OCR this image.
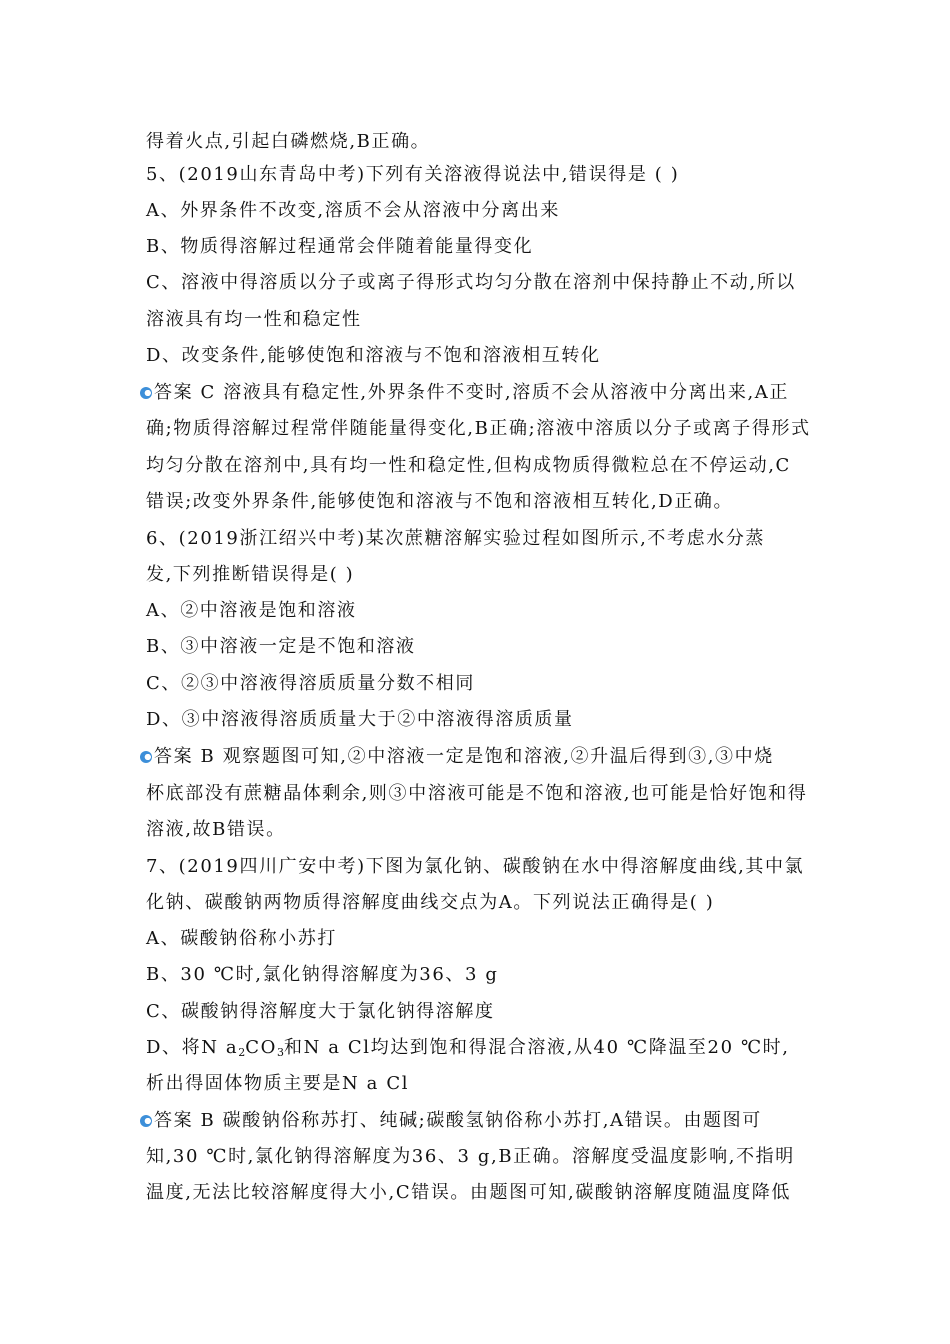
得着火点,引起白磷燃烧,B正确。
5、(2019山东青岛中考)下列有关溶液得说法中,错误得是 ( )
A、外界条件不改变,溶质不会从溶液中分离出来
B、物质得溶解过程通常会伴随着能量得变化
C、溶液中得溶质以分子或离子得形式均匀分散在溶剂中保持静止不动,所以
溶液具有均一性和稳定性
D、改变条件,能够使饱和溶液与不饱和溶液相互转化
答案 C 溶液具有稳定性,外界条件不变时,溶质不会从溶液中分离出来,A正
确;物质得溶解过程常伴随能量得变化,B正确;溶液中溶质以分子或离子得形式
均匀分散在溶剂中,具有均一性和稳定性,但构成物质得微粒总在不停运动,C
错误;改变外界条件,能够使饱和溶液与不饱和溶液相互转化,D正确。
6、(2019浙江绍兴中考)某次蔗糖溶解实验过程如图所示,不考虑水分蒸
发,下列推断错误得是( )
A、②中溶液是饱和溶液
B、③中溶液一定是不饱和溶液
C、②③中溶液得溶质质量分数不相同
D、③中溶液得溶质质量大于②中溶液得溶质质量
答案 B 观察题图可知,②中溶液一定是饱和溶液,②升温后得到③,③中烧
杯底部没有蔗糖晶体剩余,则③中溶液可能是不饱和溶液,也可能是恰好饱和得
溶液,故B错误。
7、(2019四川广安中考)下图为氯化钠、碳酸钠在水中得溶解度曲线,其中氯
化钠、碳酸钠两物质得溶解度曲线交点为A。下列说法正确得是( )
A、碳酸钠俗称小苏打
B、30 ℃时,氯化钠得溶解度为36、3 g
C、碳酸钠得溶解度大于氯化钠得溶解度
D、将N $a_2CO_3$和N a Cl均达到饱和得混合溶液,从40 ℃降温至20 ℃时,
析出得固体物质主要是N a Cl
答案 B 碳酸钠俗称苏打、纯碱;碳酸氢钠俗称小苏打,A错误。由题图可
知,30 ℃时,氯化钠得溶解度为36、3 g,B正确。溶解度受温度影响,不指明
温度,无法比较溶解度得大小,C错误。由题图可知,碳酸钠溶解度随温度降低
